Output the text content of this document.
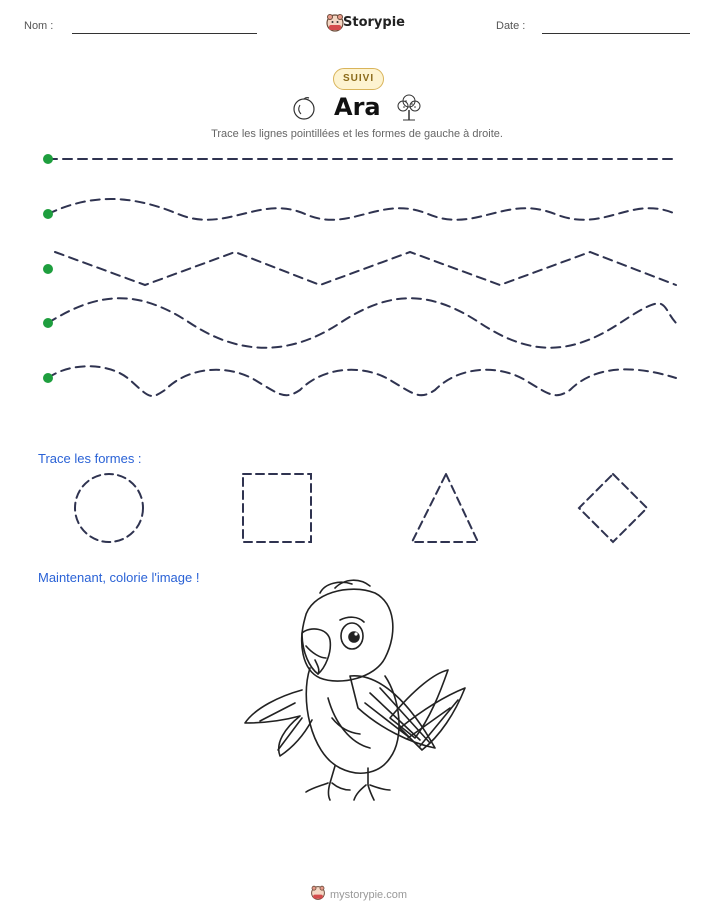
Nom :	Storypie	Date :
SUIVI
Ara
Trace les lignes pointillées et les formes de gauche à droite.
Trace les formes :
Maintenant, colorie l'image !
mystorypie.com
